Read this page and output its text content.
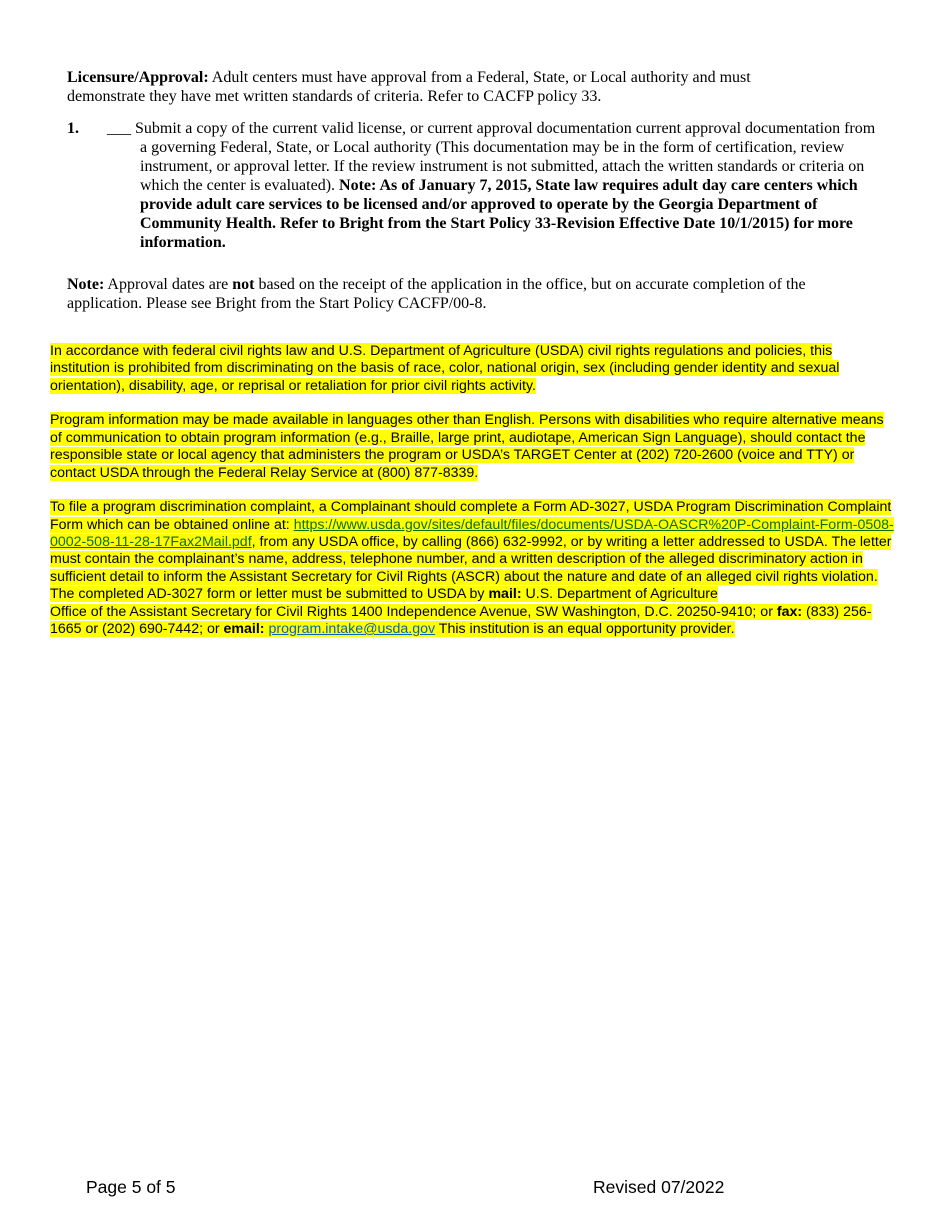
Licensure/Approval: Adult centers must have approval from a Federal, State, or Local authority and must demonstrate they have met written standards of criteria. Refer to CACFP policy 33.
1. ___ Submit a copy of the current valid license, or current approval documentation current approval documentation from a governing Federal, State, or Local authority (This documentation may be in the form of certification, review instrument, or approval letter. If the review instrument is not submitted, attach the written standards or criteria on which the center is evaluated). Note: As of January 7, 2015, State law requires adult day care centers which provide adult care services to be licensed and/or approved to operate by the Georgia Department of Community Health. Refer to Bright from the Start Policy 33-Revision Effective Date 10/1/2015) for more information.
Note: Approval dates are not based on the receipt of the application in the office, but on accurate completion of the application. Please see Bright from the Start Policy CACFP/00-8.

In accordance with federal civil rights law and U.S. Department of Agriculture (USDA) civil rights regulations and policies, this institution is prohibited from discriminating on the basis of race, color, national origin, sex (including gender identity and sexual orientation), disability, age, or reprisal or retaliation for prior civil rights activity.

Program information may be made available in languages other than English. Persons with disabilities who require alternative means of communication to obtain program information (e.g., Braille, large print, audiotape, American Sign Language), should contact the responsible state or local agency that administers the program or USDA’s TARGET Center at (202) 720-2600 (voice and TTY) or contact USDA through the Federal Relay Service at (800) 877-8339.

To file a program discrimination complaint, a Complainant should complete a Form AD-3027, USDA Program Discrimination Complaint Form which can be obtained online at: https://www.usda.gov/sites/default/files/documents/USDA-OASCR%20P-Complaint-Form-0508-0002-508-11-28-17Fax2Mail.pdf, from any USDA office, by calling (866) 632-9992, or by writing a letter addressed to USDA. The letter must contain the complainant’s name, address, telephone number, and a written description of the alleged discriminatory action in sufficient detail to inform the Assistant Secretary for Civil Rights (ASCR) about the nature and date of an alleged civil rights violation. The completed AD-3027 form or letter must be submitted to USDA by mail: U.S. Department of Agriculture
Office of the Assistant Secretary for Civil Rights 1400 Independence Avenue, SW Washington, D.C. 20250-9410; or fax: (833) 256-1665 or (202) 690-7442; or email: program.intake@usda.gov This institution is an equal opportunity provider.

Page 5 of 5	Revised 07/2022
